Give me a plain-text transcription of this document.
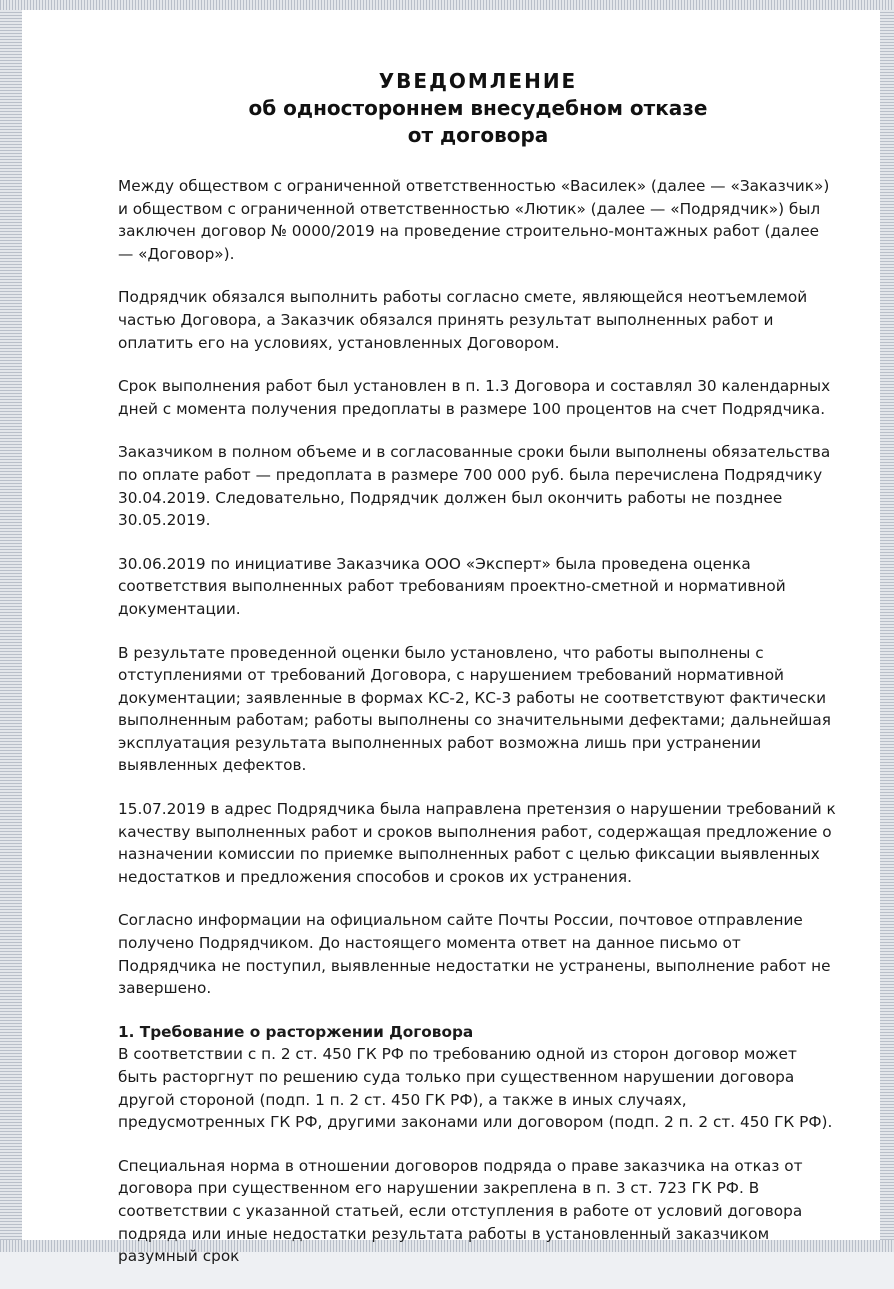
УВЕДОМЛЕНИЕ
об одностороннем внесудебном отказе
от договора

Между обществом с ограниченной ответственностью «Василек» (далее — «Заказчик») и обществом с ограниченной ответственностью «Лютик» (далее — «Подрядчик») был заключен договор № 0000/2019 на проведение строительно-монтажных работ (далее — «Договор»).

Подрядчик обязался выполнить работы согласно смете, являющейся неотъемлемой частью Договора, а Заказчик обязался принять результат выполненных работ и оплатить его на условиях, установленных Договором.

Срок выполнения работ был установлен в п. 1.3 Договора и составлял 30 календарных дней с момента получения предоплаты в размере 100 процентов на счет Подрядчика.

Заказчиком в полном объеме и в согласованные сроки были выполнены обязательства по оплате работ — предоплата в размере 700 000 руб. была перечислена Подрядчику 30.04.2019. Следовательно, Подрядчик должен был окончить работы не позднее 30.05.2019.

30.06.2019 по инициативе Заказчика ООО «Эксперт» была проведена оценка соответствия выполненных работ требованиям проектно-сметной и нормативной документации.

В результате проведенной оценки было установлено, что работы выполнены с отступлениями от требований Договора, с нарушением требований нормативной документации; заявленные в формах КС-2, КС-3 работы не соответствуют фактически выполненным работам; работы выполнены со значительными дефектами; дальнейшая эксплуатация результата выполненных работ возможна лишь при устранении выявленных дефектов.

15.07.2019 в адрес Подрядчика была направлена претензия о нарушении требований к качеству выполненных работ и сроков выполнения работ, содержащая предложение о назначении комиссии по приемке выполненных работ с целью фиксации выявленных недостатков и предложения способов и сроков их устранения.

Согласно информации на официальном сайте Почты России, почтовое отправление получено Подрядчиком. До настоящего момента ответ на данное письмо от Подрядчика не поступил, выявленные недостатки не устранены, выполнение работ не завершено.

1. Требование о расторжении Договора

В соответствии с п. 2 ст. 450 ГК РФ по требованию одной из сторон договор может быть расторгнут по решению суда только при существенном нарушении договора другой стороной (подп. 1 п. 2 ст. 450 ГК РФ), а также в иных случаях, предусмотренных ГК РФ, другими законами или договором (подп. 2 п. 2 ст. 450 ГК РФ).

Специальная норма в отношении договоров подряда о праве заказчика на отказ от договора при существенном его нарушении закреплена в п. 3 ст. 723 ГК РФ. В соответствии с указанной статьей, если отступления в работе от условий договора подряда или иные недостатки результата работы в установленный заказчиком разумный срок
